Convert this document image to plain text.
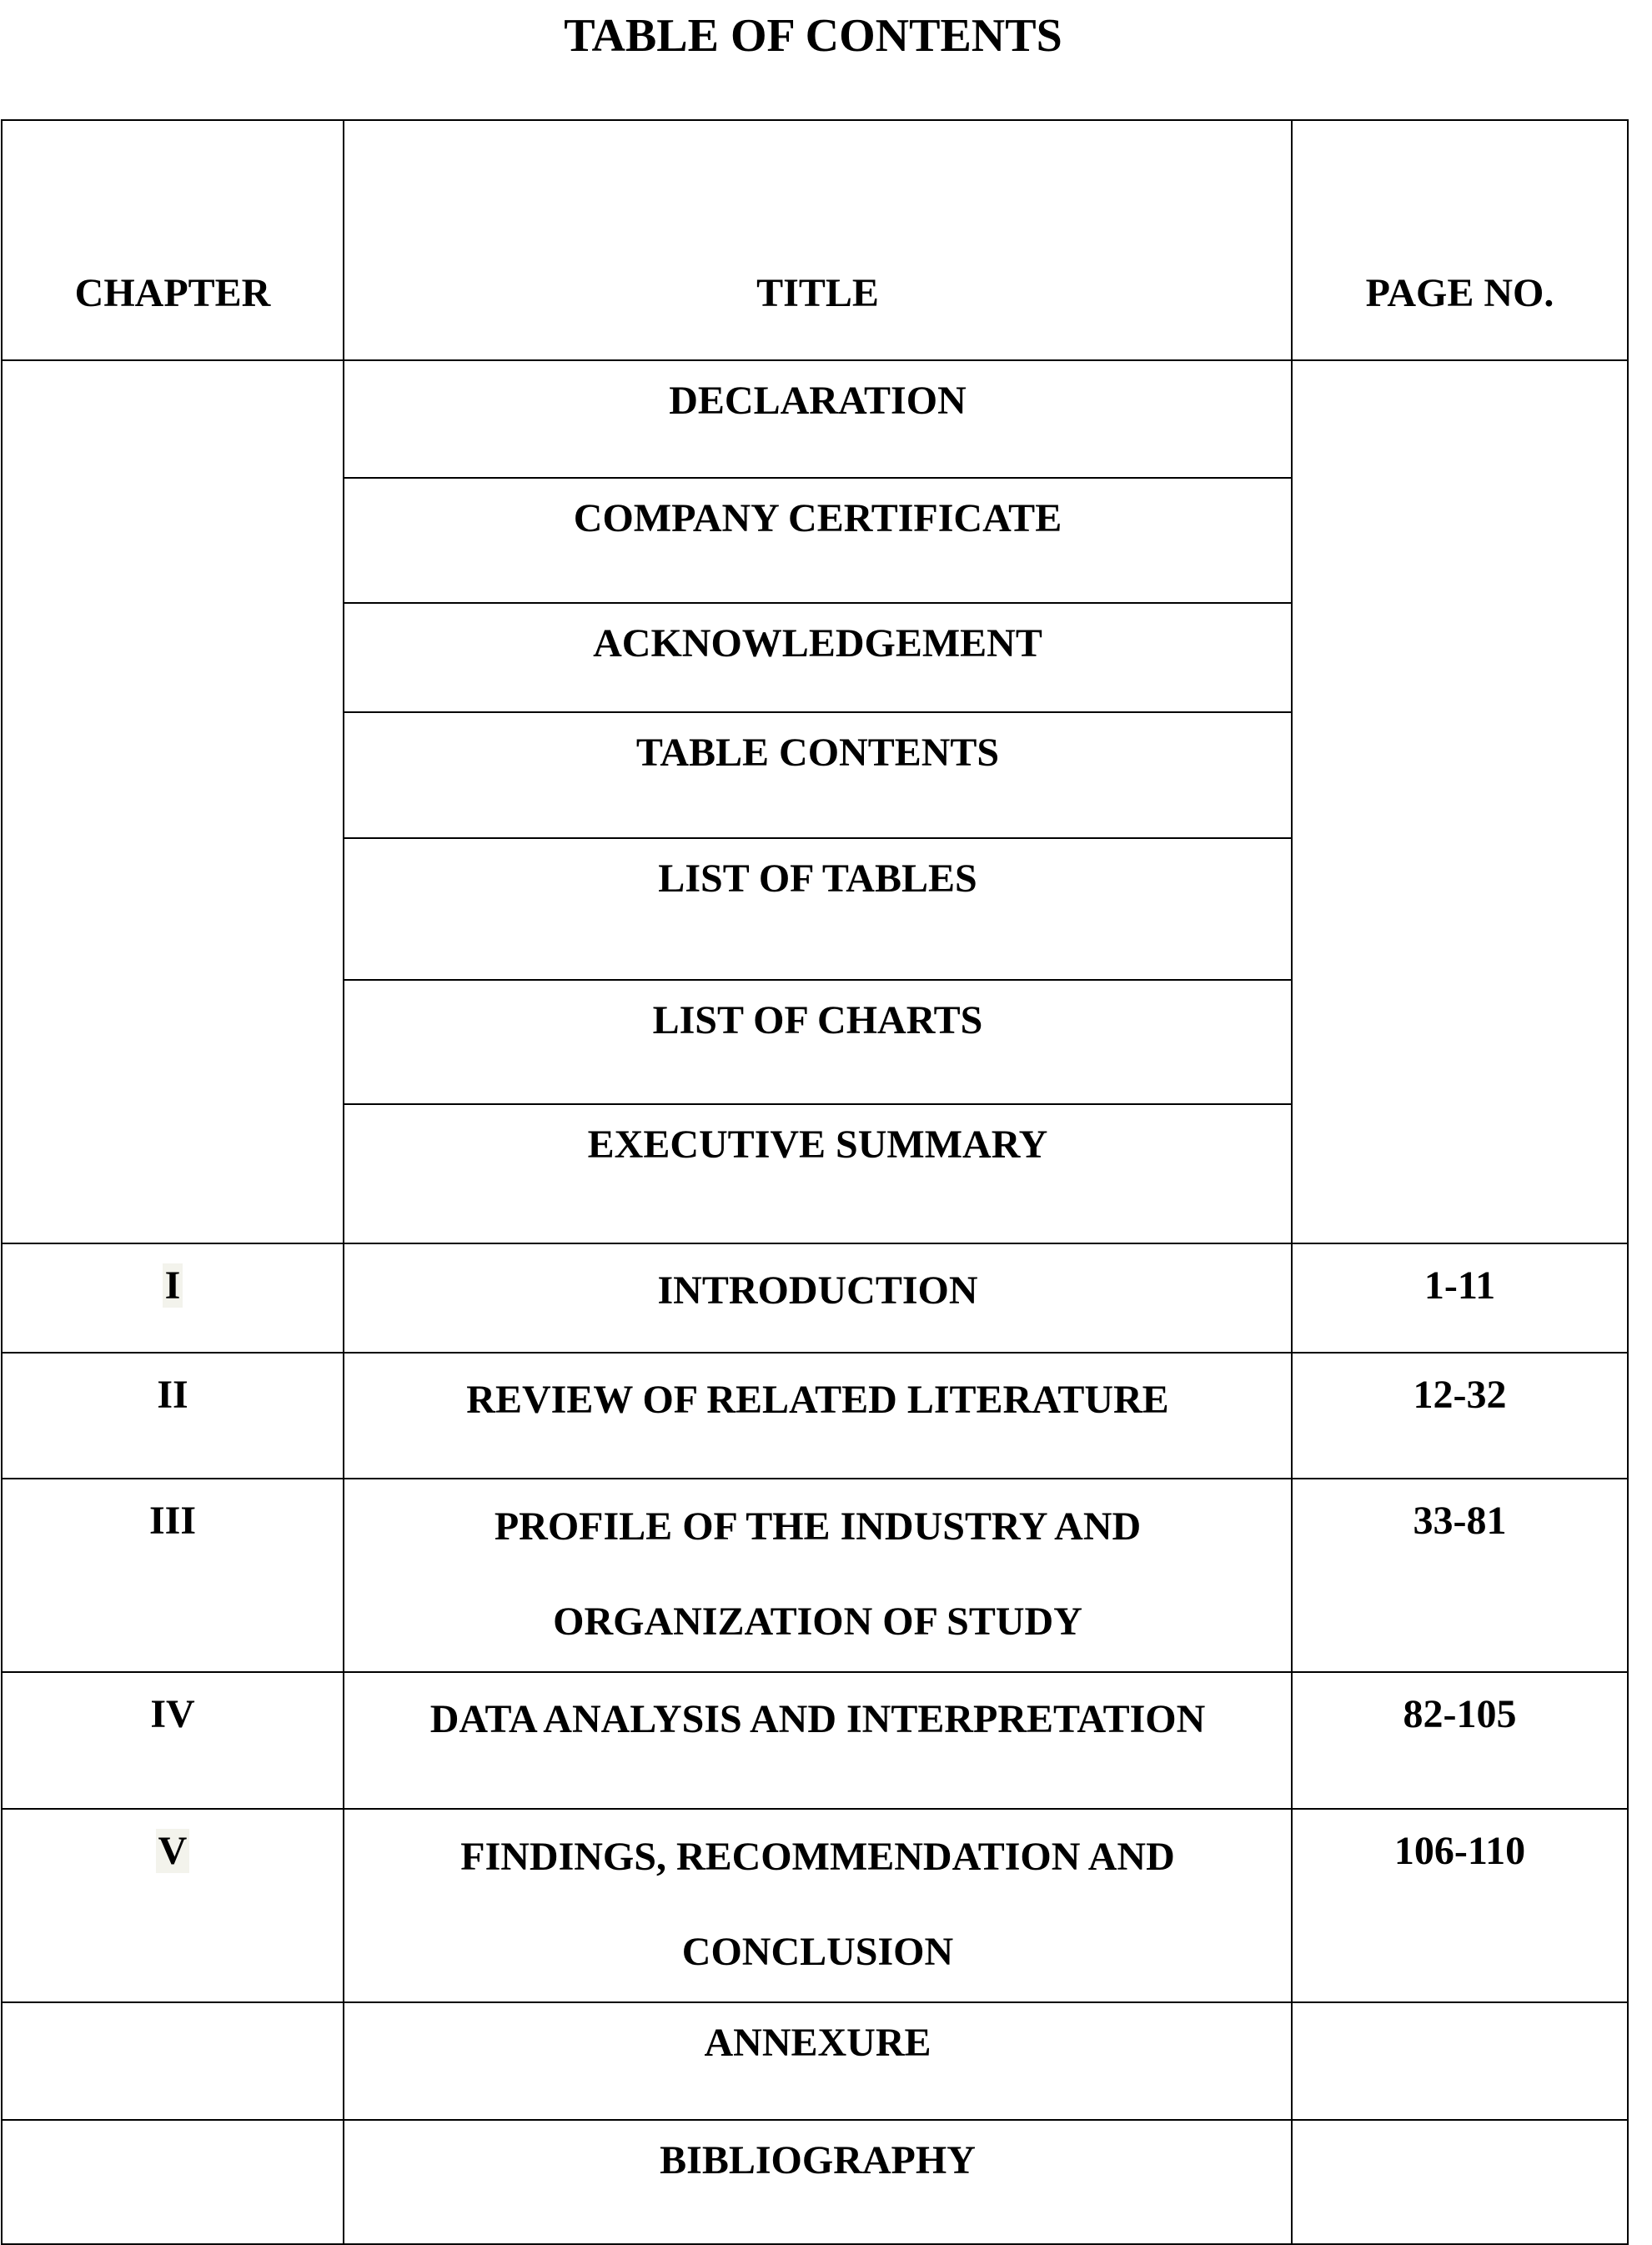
TABLE OF CONTENTS
CHAPTER	TITLE	PAGE NO.
	DECLARATION	
	COMPANY CERTIFICATE	
	ACKNOWLEDGEMENT	
	TABLE CONTENTS	
	LIST OF TABLES	
	LIST OF CHARTS	
	EXECUTIVE SUMMARY	
I	INTRODUCTION	1-11
II	REVIEW OF RELATED LITERATURE	12-32
III	PROFILE OF THE INDUSTRY AND
ORGANIZATION OF STUDY	33-81
IV	DATA ANALYSIS AND INTERPRETATION	82-105
V	FINDINGS, RECOMMENDATION AND
CONCLUSION	106-110
	ANNEXURE	
	BIBLIOGRAPHY	
